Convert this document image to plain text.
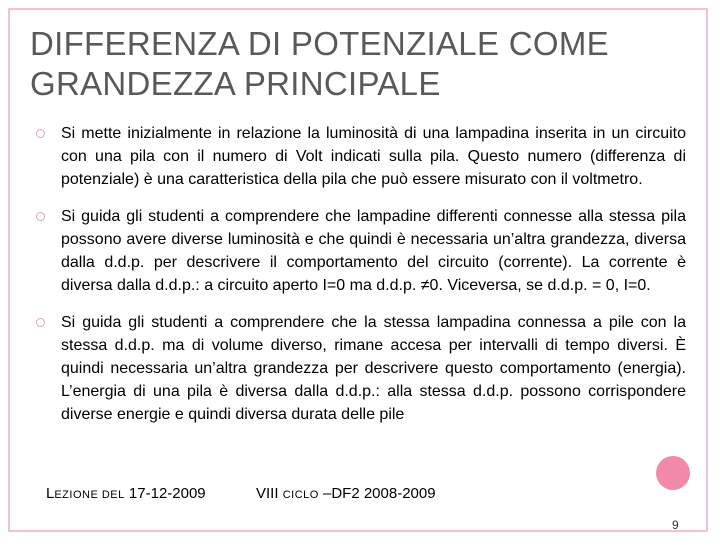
DIFFERENZA DI POTENZIALE COME
GRANDEZZA PRINCIPALE
Si mette inizialmente in relazione la luminosità di una lampadina inserita in un circuito con una pila con il numero di Volt indicati sulla pila. Questo numero (differenza di potenziale) è una caratteristica della pila che può essere misurato con il voltmetro.
Si guida gli studenti a comprendere che lampadine differenti connesse alla stessa pila possono avere diverse luminosità e che quindi è necessaria un’altra grandezza, diversa dalla d.d.p. per descrivere il comportamento del circuito (corrente). La corrente è diversa dalla d.d.p.: a circuito aperto I=0 ma d.d.p. ≠0. Viceversa, se d.d.p. = 0, I=0.
Si guida gli studenti a comprendere che la stessa lampadina connessa a pile con la stessa d.d.p. ma di volume diverso, rimane accesa per intervalli di tempo diversi. È quindi necessaria un’altra grandezza per descrivere questo comportamento (energia). L’energia di una pila è diversa dalla d.d.p.: alla stessa d.d.p. possono corrispondere diverse energie e quindi diversa durata delle pile
LEZIONE DEL 17-12-2009	VIII CICLO –DF2 2008-2009
9
